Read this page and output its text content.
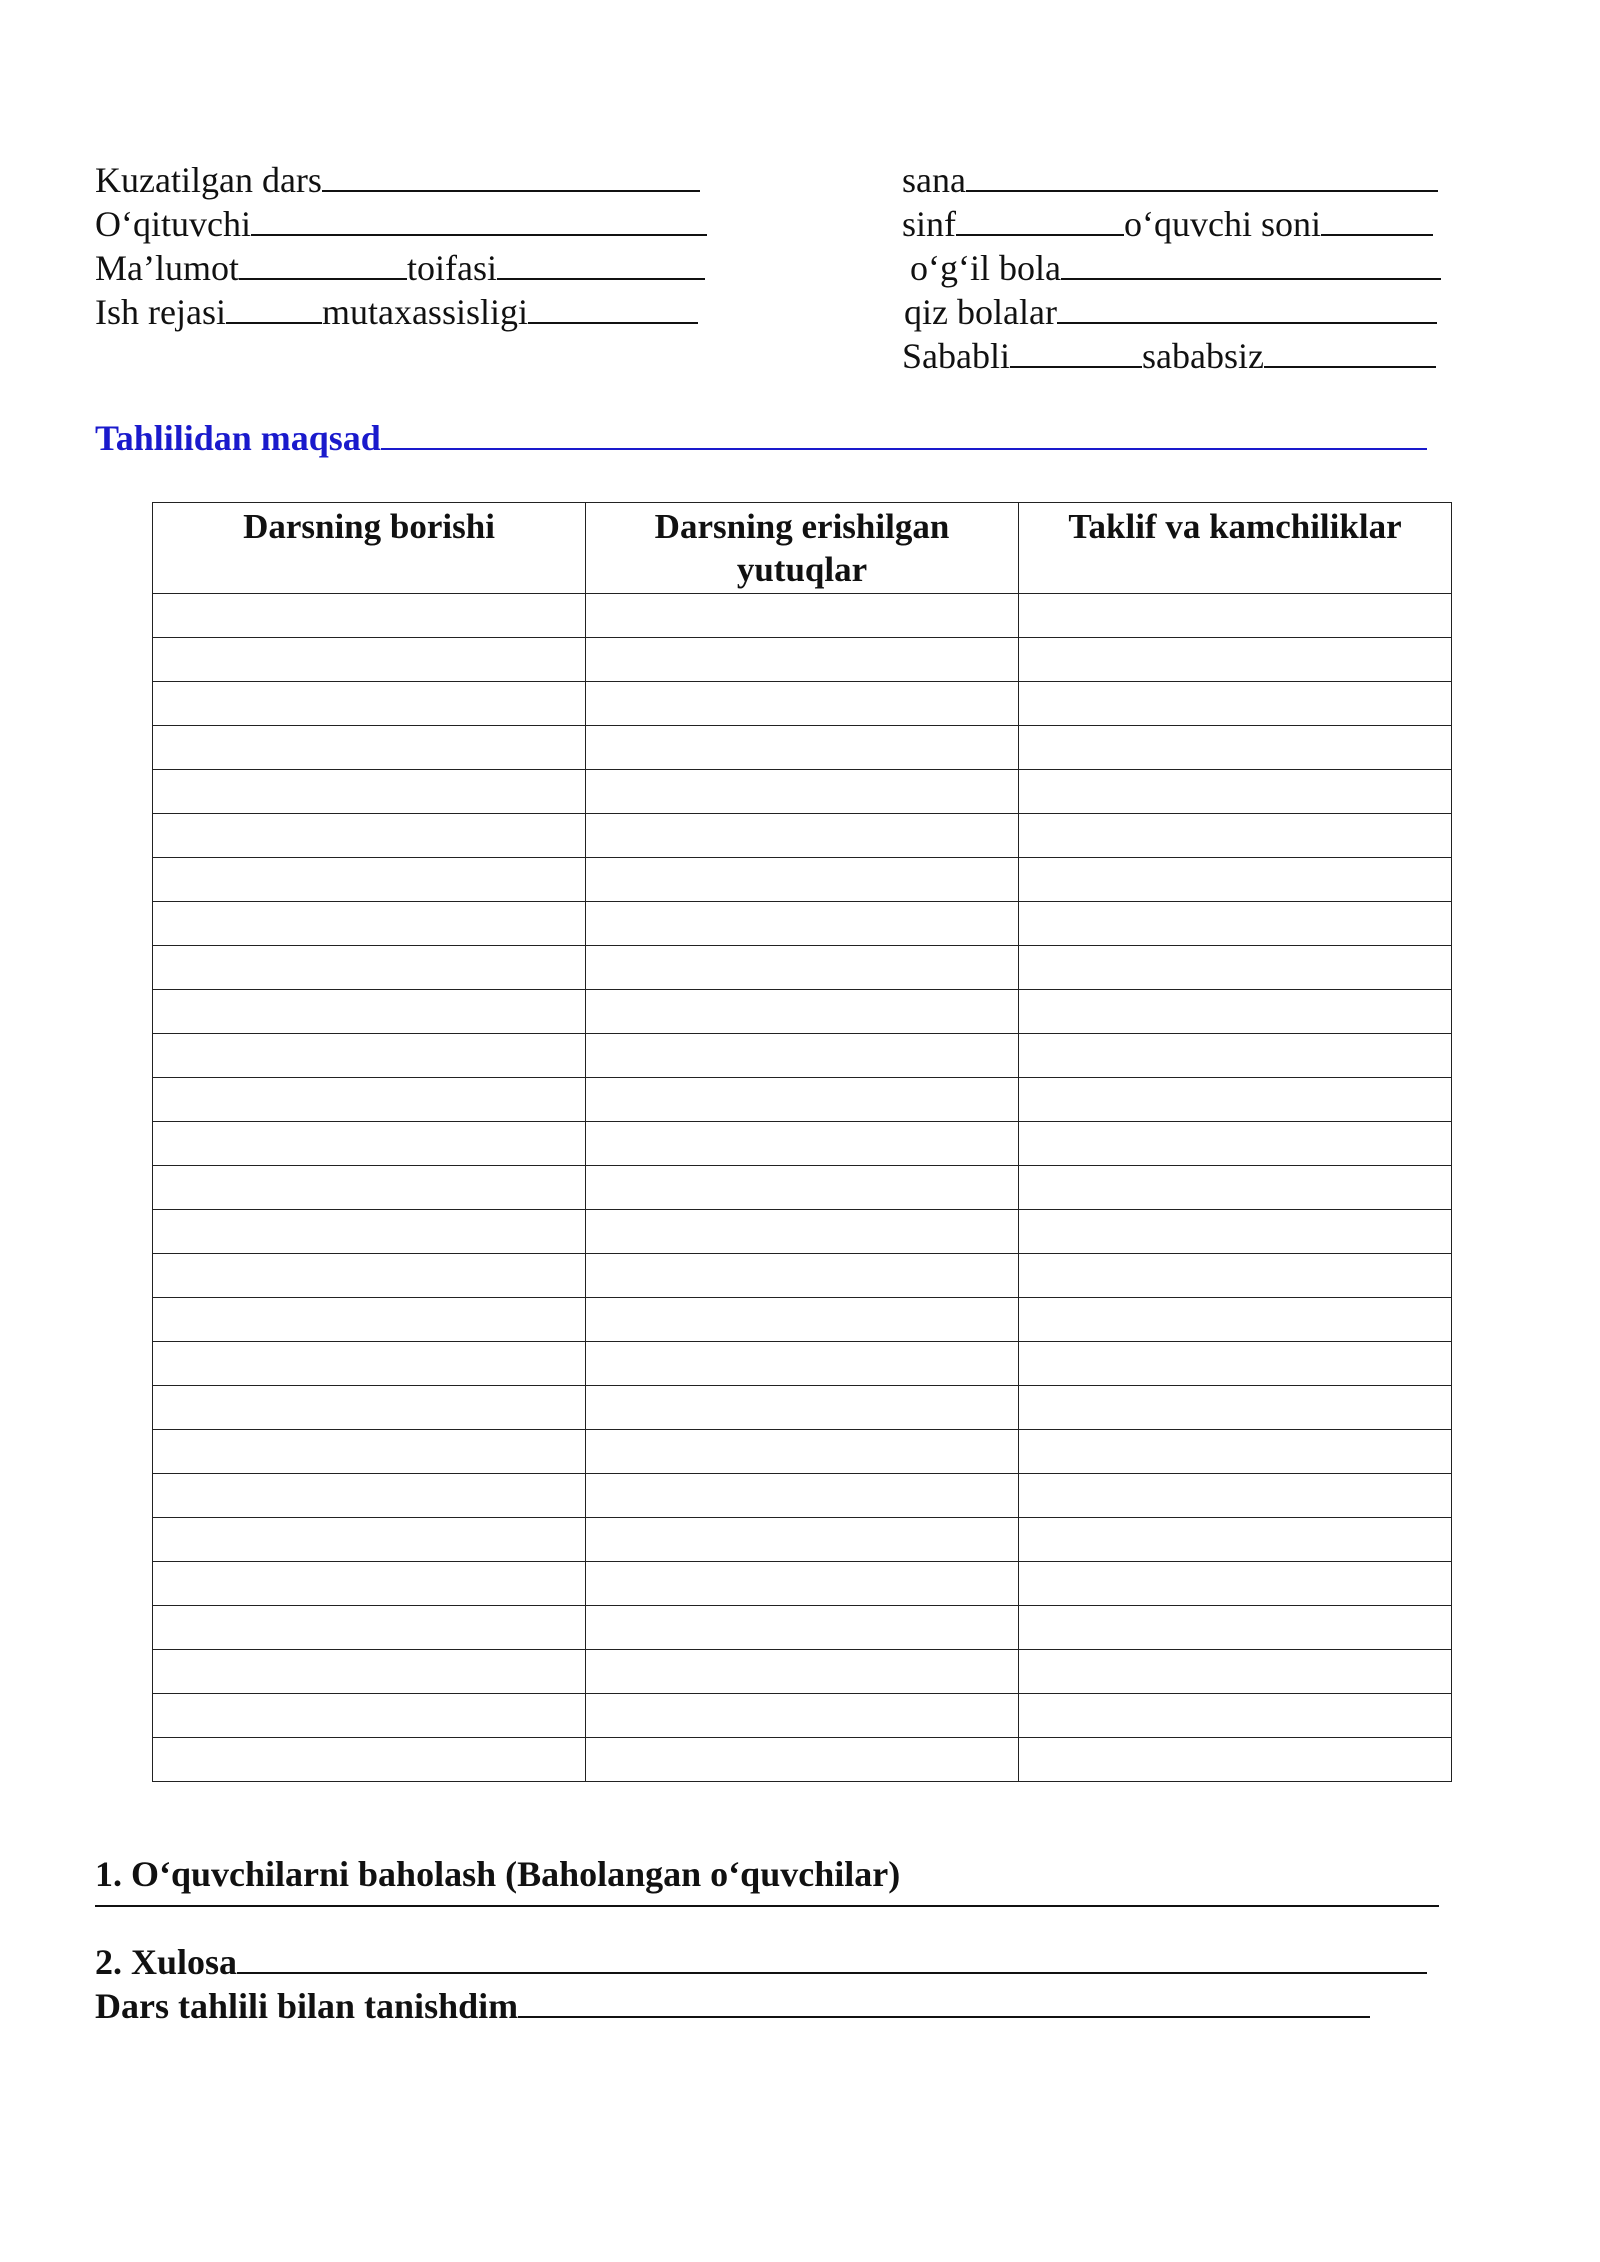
Kuzatilgan dars
O‘qituvchi
Ma’lumot	toifasi
Ish rejasi	mutaxassisligi
sana
sinf	o‘quvchi soni
o‘g‘il bola
qiz bolalar
Sababli	sababsiz
Tahlilidan maqsad
Darsning borishi	Darsning erishilgan yutuqlar	Taklif va kamchiliklar

1. O‘quvchilarni baholash (Baholangan o‘quvchilar)
2. Xulosa
Dars tahlili bilan tanishdim
